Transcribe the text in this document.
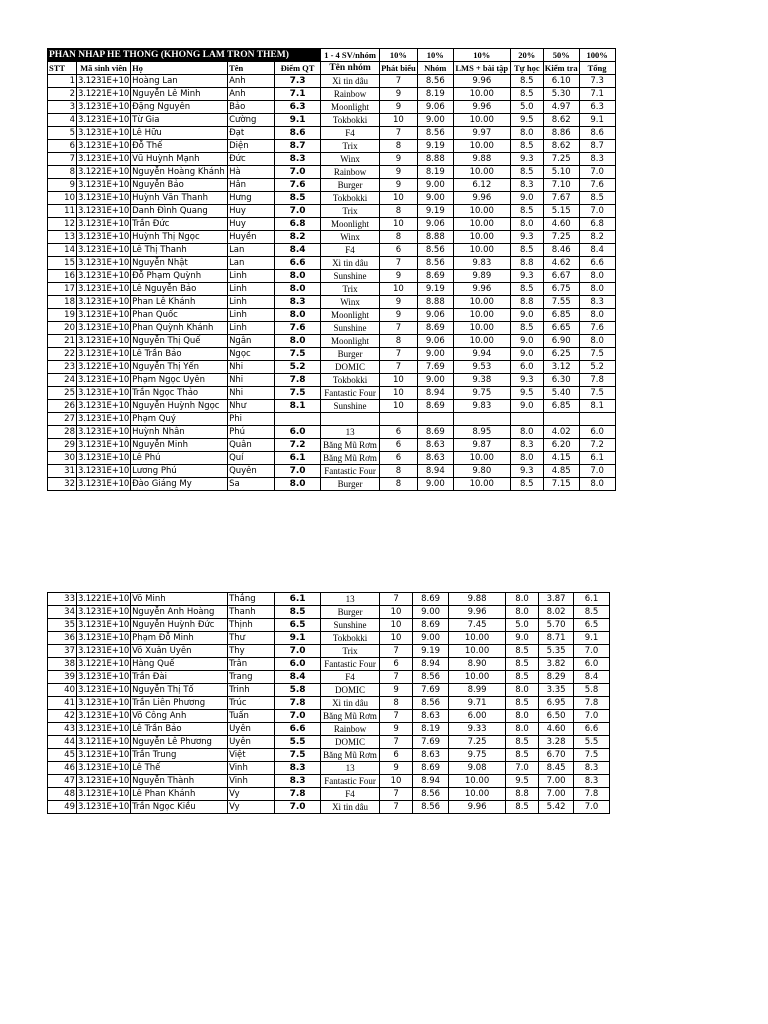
PHAN NHAP HE THONG (KHONG LAM TRON THEM)					1 - 4 SV/nhóm	10%	10%	10%	20%	50%	100%
STT	Mã sinh viên	Họ	Tên	Điểm QT	Tên nhóm	Phát biểu	Nhóm	LMS + bài tập	Tự học	Kiểm tra	Tổng
1	3.1231E+10	Hoàng Lan	Anh	7.3	Xì tin dâu	7	8.56	9.96	8.5	6.10	7.3
2	3.1221E+10	Nguyễn Lê Minh	Anh	7.1	Rainbow	9	8.19	10.00	8.5	5.30	7.1
3	3.1231E+10	Đặng Nguyên	Bảo	6.3	Moonlight	9	9.06	9.96	5.0	4.97	6.3
4	3.1231E+10	Từ Gia	Cường	9.1	Tokbokki	10	9.00	10.00	9.5	8.62	9.1
5	3.1231E+10	Lê Hữu	Đạt	8.6	F4	7	8.56	9.97	8.0	8.86	8.6
6	3.1231E+10	Đỗ Thế	Diện	8.7	Trix	8	9.19	10.00	8.5	8.62	8.7
7	3.1231E+10	Vũ Huỳnh Mạnh	Đức	8.3	Winx	9	8.88	9.88	9.3	7.25	8.3
8	3.1221E+10	Nguyễn Hoàng Khánh	Hà	7.0	Rainbow	9	8.19	10.00	8.5	5.10	7.0
9	3.1231E+10	Nguyễn Bảo	Hân	7.6	Burger	9	9.00	6.12	8.3	7.10	7.6
10	3.1231E+10	Huỳnh Văn Thanh	Hưng	8.5	Tokbokki	10	9.00	9.96	9.0	7.67	8.5
11	3.1231E+10	Danh Đình Quang	Huy	7.0	Trix	8	9.19	10.00	8.5	5.15	7.0
12	3.1231E+10	Trần Đức	Huy	6.8	Moonlight	10	9.06	10.00	8.0	4.60	6.8
13	3.1231E+10	Huỳnh Thị Ngọc	Huyền	8.2	Winx	8	8.88	10.00	9.3	7.25	8.2
14	3.1231E+10	Lê Thị Thanh	Lan	8.4	F4	6	8.56	10.00	8.5	8.46	8.4
15	3.1231E+10	Nguyễn Nhật	Lan	6.6	Xì tin dâu	7	8.56	9.83	8.8	4.62	6.6
16	3.1231E+10	Đỗ Phạm Quỳnh	Linh	8.0	Sunshine	9	8.69	9.89	9.3	6.67	8.0
17	3.1231E+10	Lê Nguyễn Bảo	Linh	8.0	Trix	10	9.19	9.96	8.5	6.75	8.0
18	3.1231E+10	Phan Lê Khánh	Linh	8.3	Winx	9	8.88	10.00	8.8	7.55	8.3
19	3.1231E+10	Phan Quốc	Linh	8.0	Moonlight	9	9.06	10.00	9.0	6.85	8.0
20	3.1231E+10	Phan Quỳnh Khánh	Linh	7.6	Sunshine	7	8.69	10.00	8.5	6.65	7.6
21	3.1231E+10	Nguyễn Thị Quế	Ngân	8.0	Moonlight	8	9.06	10.00	9.0	6.90	8.0
22	3.1231E+10	Lê Trần Bảo	Ngọc	7.5	Burger	7	9.00	9.94	9.0	6.25	7.5
23	3.1221E+10	Nguyễn Thị Yến	Nhi	5.2	DOMIC	7	7.69	9.53	6.0	3.12	5.2
24	3.1231E+10	Phạm Ngọc Uyên	Nhi	7.8	Tokbokki	10	9.00	9.38	9.3	6.30	7.8
25	3.1231E+10	Trần Ngọc Thảo	Nhi	7.5	Fantastic Four	10	8.94	9.75	9.5	5.40	7.5
26	3.1231E+10	Nguyễn Huỳnh Ngọc	Như	8.1	Sunshine	10	8.69	9.83	9.0	6.85	8.1
27	3.1231E+10	Phạm Quý	Phi								
28	3.1231E+10	Huỳnh Nhân	Phú	6.0	13	6	8.69	8.95	8.0	4.02	6.0
29	3.1231E+10	Nguyễn Minh	Quân	7.2	Băng Mũ Rơm	6	8.63	9.87	8.3	6.20	7.2
30	3.1231E+10	Lê Phú	Quí	6.1	Băng Mũ Rơm	6	8.63	10.00	8.0	4.15	6.1
31	3.1231E+10	Lương Phú	Quyên	7.0	Fantastic Four	8	8.94	9.80	9.3	4.85	7.0
32	3.1231E+10	Đào Giáng My	Sa	8.0	Burger	8	9.00	10.00	8.5	7.15	8.0
33	3.1221E+10	Võ Minh	Thắng	6.1	13	7	8.69	9.88	8.0	3.87	6.1
34	3.1231E+10	Nguyễn Anh Hoàng	Thanh	8.5	Burger	10	9.00	9.96	8.0	8.02	8.5
35	3.1231E+10	Nguyễn Huỳnh Đức	Thịnh	6.5	Sunshine	10	8.69	7.45	5.0	5.70	6.5
36	3.1231E+10	Phạm Đỗ Minh	Thư	9.1	Tokbokki	10	9.00	10.00	9.0	8.71	9.1
37	3.1231E+10	Võ Xuân Uyên	Thy	7.0	Trix	7	9.19	10.00	8.5	5.35	7.0
38	3.1221E+10	Hàng Quế	Trân	6.0	Fantastic Four	6	8.94	8.90	8.5	3.82	6.0
39	3.1231E+10	Trần Đài	Trang	8.4	F4	7	8.56	10.00	8.5	8.29	8.4
40	3.1231E+10	Nguyễn Thị Tố	Trinh	5.8	DOMIC	9	7.69	8.99	8.0	3.35	5.8
41	3.1231E+10	Trần Liên Phương	Trúc	7.8	Xì tin dâu	8	8.56	9.71	8.5	6.95	7.8
42	3.1231E+10	Võ Công Anh	Tuấn	7.0	Băng Mũ Rơm	7	8.63	6.00	8.0	6.50	7.0
43	3.1231E+10	Lê Trần Bảo	Uyên	6.6	Rainbow	9	8.19	9.33	8.0	4.60	6.6
44	3.1211E+10	Nguyễn Lê Phương	Uyên	5.5	DOMIC	7	7.69	7.25	8.5	3.28	5.5
45	3.1231E+10	Trần Trung	Việt	7.5	Băng Mũ Rơm	6	8.63	9.75	8.5	6.70	7.5
46	3.1231E+10	Lê Thế	Vinh	8.3	13	9	8.69	9.08	7.0	8.45	8.3
47	3.1231E+10	Nguyễn Thành	Vinh	8.3	Fantastic Four	10	8.94	10.00	9.5	7.00	8.3
48	3.1231E+10	Lê Phan Khánh	Vy	7.8	F4	7	8.56	10.00	8.8	7.00	7.8
49	3.1231E+10	Trần Ngọc Kiều	Vy	7.0	Xì tin dâu	7	8.56	9.96	8.5	5.42	7.0
